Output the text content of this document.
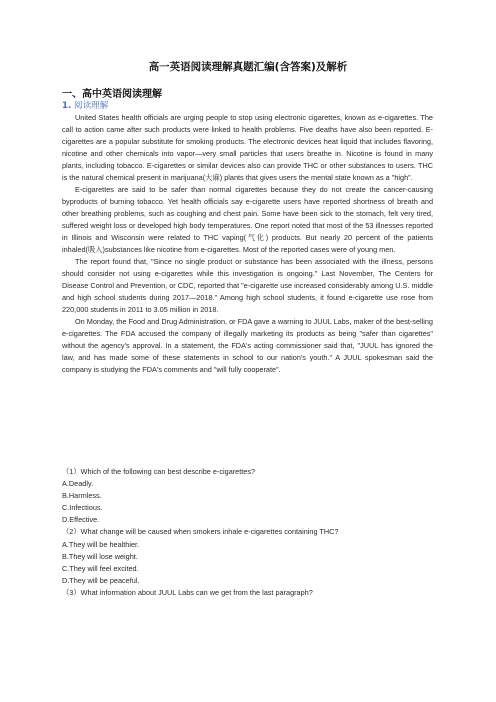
高一英语阅读理解真题汇编(含答案)及解析
一、高中英语阅读理解
1. 阅读理解

United States health officials are urging people to stop using electronic cigarettes, known as e-cigarettes. The call to action came after such products were linked to health problems. Five deaths have also been reported. E-cigarettes are a popular substitute for smoking products. The electronic devices heat liquid that includes flavoring, nicotine and other chemicals into vapor—very small particles that users breathe in. Nicotine is found in many plants, including tobacco. E-cigarettes or similar devices also can provide THC or other substances to users. THC is the natural chemical present in marijuana(大麻) plants that gives users the mental state known as a "high".

E-cigarettes are said to be safer than normal cigarettes because they do not create the cancer-causing byproducts of burning tobacco. Yet health officials say e-cigarette users have reported shortness of breath and other breathing problems, such as coughing and chest pain. Some have been sick to the stomach, felt very tired, suffered weight loss or developed high body temperatures. One report noted that most of the 53 illnesses reported in Illinois and Wisconsin were related to THC vaping(气化) products. But nearly 20 percent of the patients inhaled(吸入)substances like nicotine from e-cigarettes. Most of the reported cases were of young men.

The report found that, "Since no single product or substance has been associated with the illness, persons should consider not using e-cigarettes while this investigation is ongoing." Last November, The Centers for Disease Control and Prevention, or CDC, reported that "e-cigarette use increased considerably among U.S. middle and high school students during 2017—2018." Among high school students, it found e-cigarette use rose from 220,000 students in 2011 to 3.05 million in 2018.

On Monday, the Food and Drug Administration, or FDA gave a warning to JUUL Labs, maker of the best-selling e-cigarettes. The FDA accused the company of illegally marketing its products as being "safer than cigarettes" without the agency's approval. In a statement, the FDA's acting commissioner said that, "JUUL has ignored the law, and has made some of these statements in school to our nation's youth." A JUUL spokesman said the company is studying the FDA's comments and "will fully cooperate".

（1）Which of the following can best describe e-cigarettes?
A.Deadly.
B.Harmless.
C.Infectious.
D.Effective.
（2）What change will be caused when smokers inhale e-cigarettes containing THC?
A.They will be healthier.
B.They will lose weight.
C.They will feel excited.
D.They will be peaceful.
（3）What information about JUUL Labs can we get from the last paragraph?
